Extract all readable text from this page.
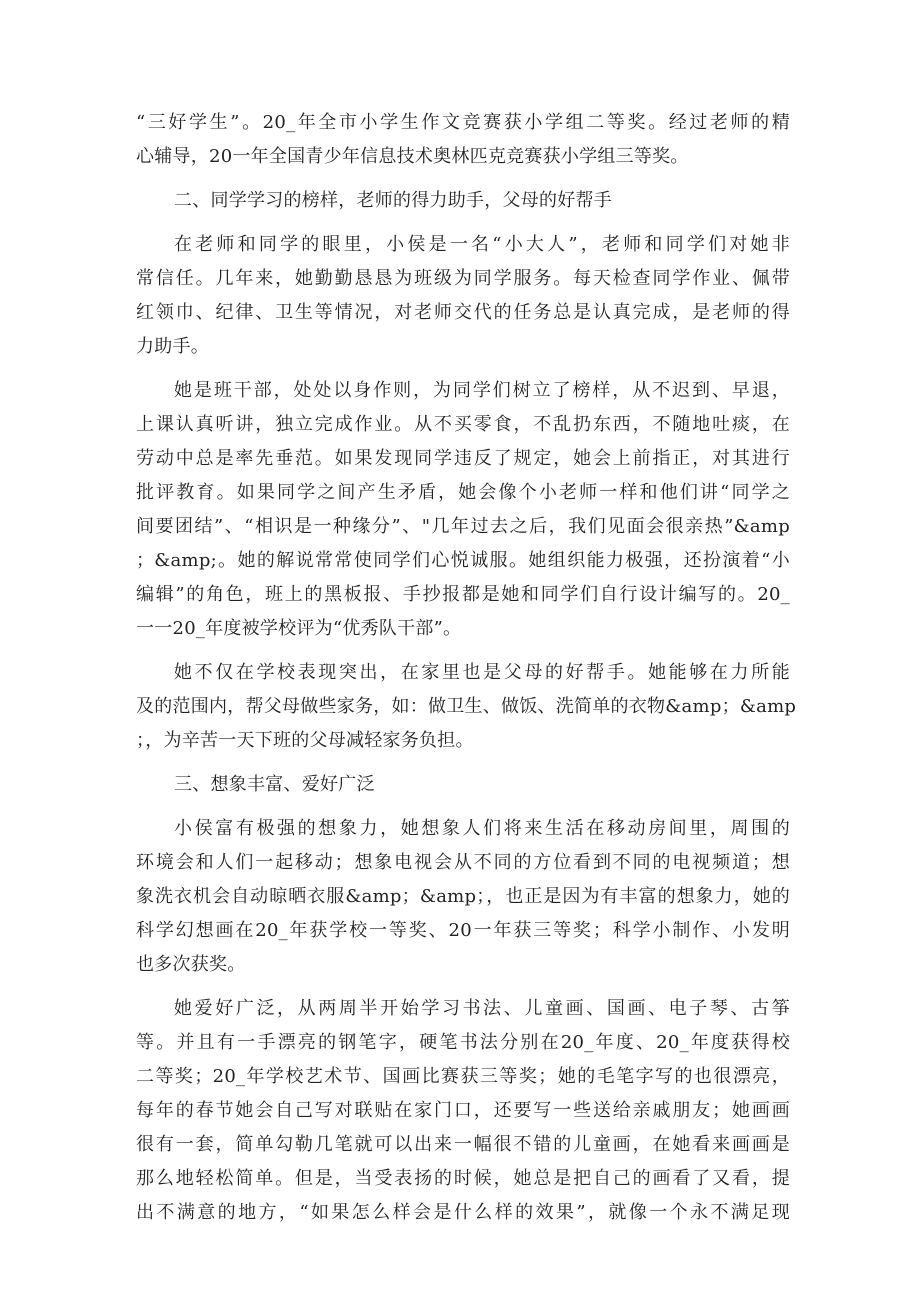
“三好学生”。20_年全市小学生作文竞赛获小学组二等奖。经过老师的精
心辅导，20一年全国青少年信息技术奥林匹克竞赛获小学组三等奖。
二、同学学习的榜样，老师的得力助手，父母的好帮手
在老师和同学的眼里，小侯是一名“小大人”，老师和同学们对她非
常信任。几年来，她勤勤恳恳为班级为同学服务。每天检查同学作业、佩带
红领巾、纪律、卫生等情况，对老师交代的任务总是认真完成，是老师的得
力助手。
她是班干部，处处以身作则，为同学们树立了榜样，从不迟到、早退，
上课认真听讲，独立完成作业。从不买零食，不乱扔东西，不随地吐痰，在
劳动中总是率先垂范。如果发现同学违反了规定，她会上前指正，对其进行
批评教育。如果同学之间产生矛盾，她会像个小老师一样和他们讲“同学之
间要团结”、“相识是一种缘分”、"几年过去之后，我们见面会很亲热”&amp
；&amp;。她的解说常常使同学们心悦诚服。她组织能力极强，还扮演着“小
编辑”的角色，班上的黑板报、手抄报都是她和同学们自行设计编写的。20_
一一20_年度被学校评为“优秀队干部”。
她不仅在学校表现突出，在家里也是父母的好帮手。她能够在力所能
及的范围内，帮父母做些家务，如：做卫生、做饭、洗简单的衣物&amp；&amp
；，为辛苦一天下班的父母减轻家务负担。
三、想象丰富、爱好广泛
小侯富有极强的想象力，她想象人们将来生活在移动房间里，周围的
环境会和人们一起移动；想象电视会从不同的方位看到不同的电视频道；想
象洗衣机会自动晾晒衣服&amp；&amp；，也正是因为有丰富的想象力，她的
科学幻想画在20_年获学校一等奖、20一年获三等奖；科学小制作、小发明
也多次获奖。
她爱好广泛，从两周半开始学习书法、儿童画、国画、电子琴、古筝
等。并且有一手漂亮的钢笔字，硬笔书法分别在20_年度、20_年度获得校
二等奖；20_年学校艺术节、国画比赛获三等奖；她的毛笔字写的也很漂亮，
每年的春节她会自己写对联贴在家门口，还要写一些送给亲戚朋友；她画画
很有一套，简单勾勒几笔就可以出来一幅很不错的儿童画，在她看来画画是
那么地轻松简单。但是，当受表扬的时候，她总是把自己的画看了又看，提
出不满意的地方，“如果怎么样会是什么样的效果”，就像一个永不满足现
